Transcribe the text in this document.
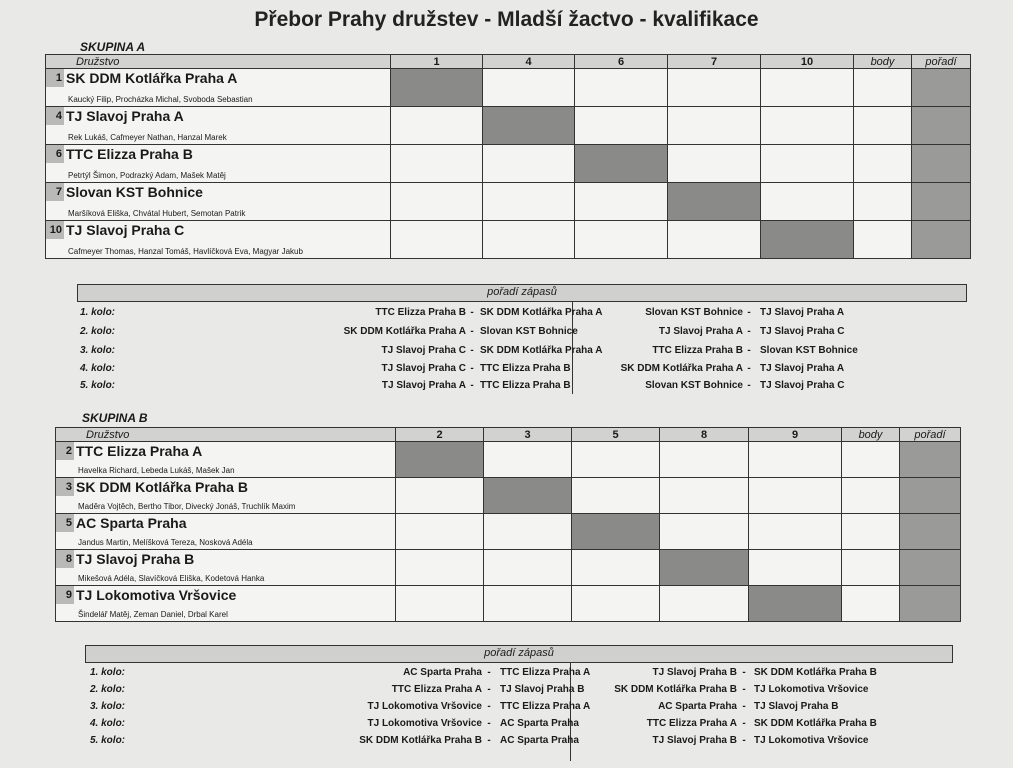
Přebor Prahy družstev - Mladší žactvo - kvalifikace
SKUPINA A
Družstvo	1	4	6	7	10	body	pořadí

1 SK DDM Kotlářka Praha A
Kaucký Filip, Procházka Michal, Svoboda Sebastian							

4 TJ Slavoj Praha A
Rek Lukáš, Cafmeyer Nathan, Hanzal Marek							

6 TTC Elizza Praha B
Petrtýl Šimon, Podrazký Adam, Mašek Matěj							

7 Slovan KST Bohnice
Maršíková Eliška, Chvátal Hubert, Semotan Patrik							

10 TJ Slavoj Praha C
Cafmeyer Thomas, Hanzal Tomáš, Havlíčková Eva, Magyar Jakub							

pořadí zápasů
1. kolo:	TTC Elizza Praha B - SK DDM Kotlářka Praha A	Slovan KST Bohnice - TJ Slavoj Praha A
2. kolo:	SK DDM Kotlářka Praha A - Slovan KST Bohnice	TJ Slavoj Praha A - TJ Slavoj Praha C
3. kolo:	TJ Slavoj Praha C - SK DDM Kotlářka Praha A	TTC Elizza Praha B - Slovan KST Bohnice
4. kolo:	TJ Slavoj Praha C - TTC Elizza Praha B	SK DDM Kotlářka Praha A - TJ Slavoj Praha A
5. kolo:	TJ Slavoj Praha A - TTC Elizza Praha B	Slovan KST Bohnice - TJ Slavoj Praha C
SKUPINA B
Družstvo	2	3	5	8	9	body	pořadí

2 TTC Elizza Praha A
Havelka Richard, Lebeda Lukáš, Mašek Jan							

3 SK DDM Kotlářka Praha B
Maděra Vojtěch, Bertho Tibor, Divecký Jonáš, Truchlík Maxim							

5 AC Sparta Praha
Jandus Martin, Melíšková Tereza, Nosková Adéla							

8 TJ Slavoj Praha B
Mikešová Adéla, Slavíčková Eliška, Kodetová Hanka							

9 TJ Lokomotiva Vršovice
Šindelář Matěj, Zeman Daniel, Drbal Karel							

pořadí zápasů
1. kolo:	AC Sparta Praha - TTC Elizza Praha A	TJ Slavoj Praha B - SK DDM Kotlářka Praha B
2. kolo:	TTC Elizza Praha A - TJ Slavoj Praha B	SK DDM Kotlářka Praha B - TJ Lokomotiva Vršovice
3. kolo:	TJ Lokomotiva Vršovice - TTC Elizza Praha A	AC Sparta Praha - TJ Slavoj Praha B
4. kolo:	TJ Lokomotiva Vršovice - AC Sparta Praha	TTC Elizza Praha A - SK DDM Kotlářka Praha B
5. kolo:	SK DDM Kotlářka Praha B - AC Sparta Praha	TJ Slavoj Praha B - TJ Lokomotiva Vršovice
